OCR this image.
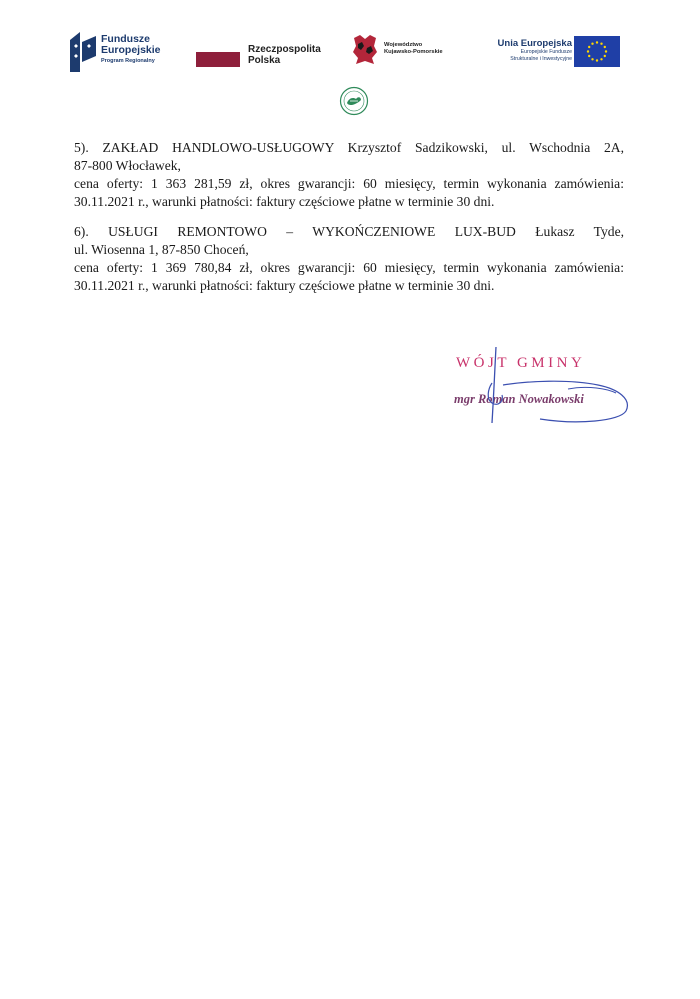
Fundusze
Europejskie
Program Regionalny
Rzeczpospolita
Polska
Województwo
Kujawsko-Pomorskie
Unia Europejska
Europejskie Fundusze
Strukturalne i Inwestycyjne

5). ZAKŁAD HANDLOWO-USŁUGOWY Krzysztof Sadzikowski, ul. Wschodnia 2A,

87-800 Włocławek,

cena oferty: 1 363 281,59 zł, okres gwarancji: 60 miesięcy, termin wykonania zamówienia:

30.11.2021 r., warunki płatności: faktury częściowe płatne w terminie 30 dni.

6). USŁUGI REMONTOWO – WYKOŃCZENIOWE LUX-BUD Łukasz Tyde,

ul. Wiosenna 1, 87-850 Choceń,

cena oferty: 1 369 780,84 zł, okres gwarancji: 60 miesięcy, termin wykonania zamówienia:

30.11.2021 r., warunki płatności: faktury częściowe płatne w terminie 30 dni.

WÓJT GMINY
mgr Roman Nowakowski
